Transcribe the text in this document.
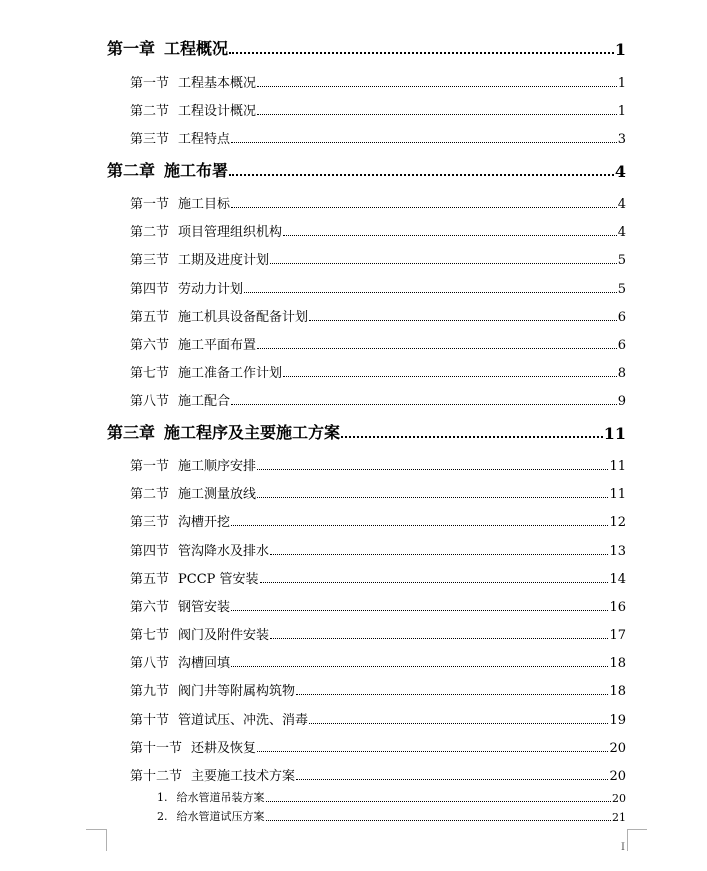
第一章 工程概况	1
第一节 工程基本概况	1
第二节 工程设计概况	1
第三节 工程特点	3
第二章 施工布署	4
第一节 施工目标	4
第二节 项目管理组织机构	4
第三节 工期及进度计划	5
第四节 劳动力计划	5
第五节 施工机具设备配备计划	6
第六节 施工平面布置	6
第七节 施工准备工作计划	8
第八节 施工配合	9
第三章 施工程序及主要施工方案	11
第一节 施工顺序安排	11
第二节 施工测量放线	11
第三节 沟槽开挖	12
第四节 管沟降水及排水	13
第五节 PCCP 管安装	14
第六节 钢管安装	16
第七节 阀门及附件安装	17
第八节 沟槽回填	18
第九节 阀门井等附属构筑物	18
第十节 管道试压、冲洗、消毒	19
第十一节 还耕及恢复	20
第十二节 主要施工技术方案	20
1. 给水管道吊装方案	20
2. 给水管道试压方案	21
I
